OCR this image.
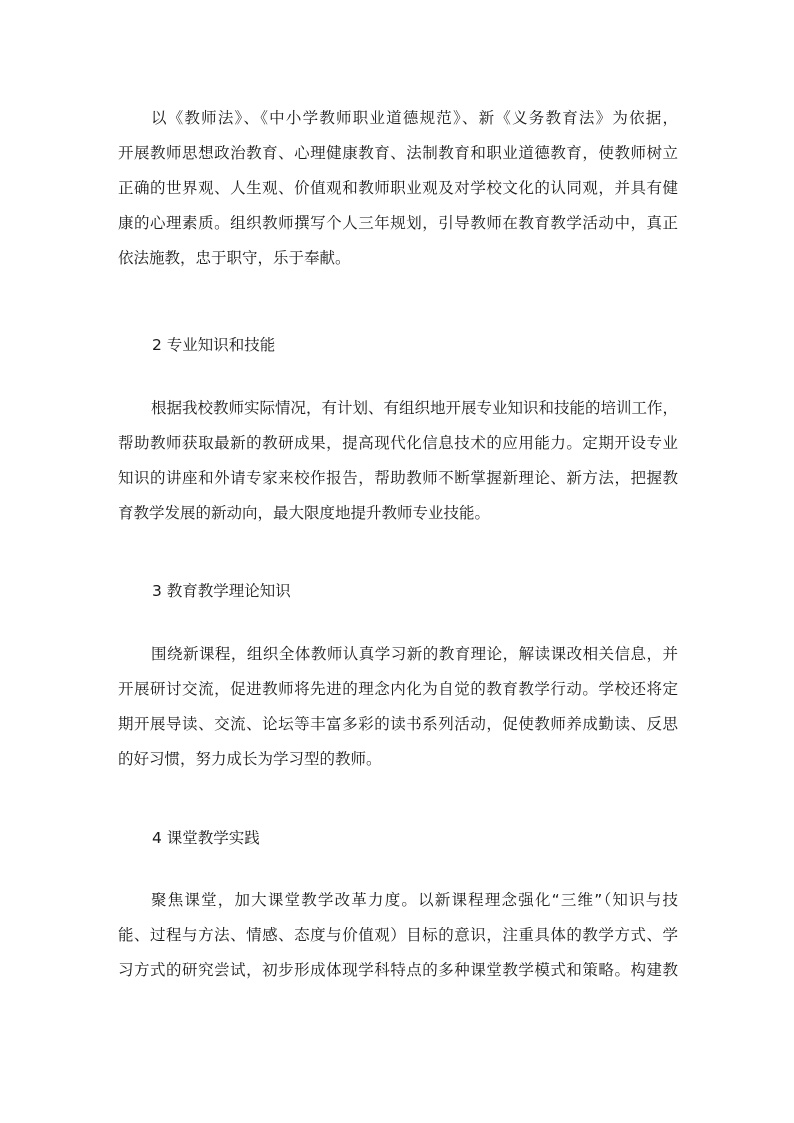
以《教师法》、《中小学教师职业道德规范》、新《义务教育法》为依据，
开展教师思想政治教育、心理健康教育、法制教育和职业道德教育，使教师树立
正确的世界观、人生观、价值观和教师职业观及对学校文化的认同观，并具有健
康的心理素质。组织教师撰写个人三年规划，引导教师在教育教学活动中，真正
依法施教，忠于职守，乐于奉献。

2 专业知识和技能

根据我校教师实际情况，有计划、有组织地开展专业知识和技能的培训工作，
帮助教师获取最新的教研成果，提高现代化信息技术的应用能力。定期开设专业
知识的讲座和外请专家来校作报告，帮助教师不断掌握新理论、新方法，把握教
育教学发展的新动向，最大限度地提升教师专业技能。

3 教育教学理论知识

围绕新课程，组织全体教师认真学习新的教育理论，解读课改相关信息，并
开展研讨交流，促进教师将先进的理念内化为自觉的教育教学行动。学校还将定
期开展导读、交流、论坛等丰富多彩的读书系列活动，促使教师养成勤读、反思
的好习惯，努力成长为学习型的教师。

4 课堂教学实践

聚焦课堂，加大课堂教学改革力度。以新课程理念强化“三维”（知识与技
能、过程与方法、情感、态度与价值观）目标的意识，注重具体的教学方式、学
习方式的研究尝试，初步形成体现学科特点的多种课堂教学模式和策略。构建教
